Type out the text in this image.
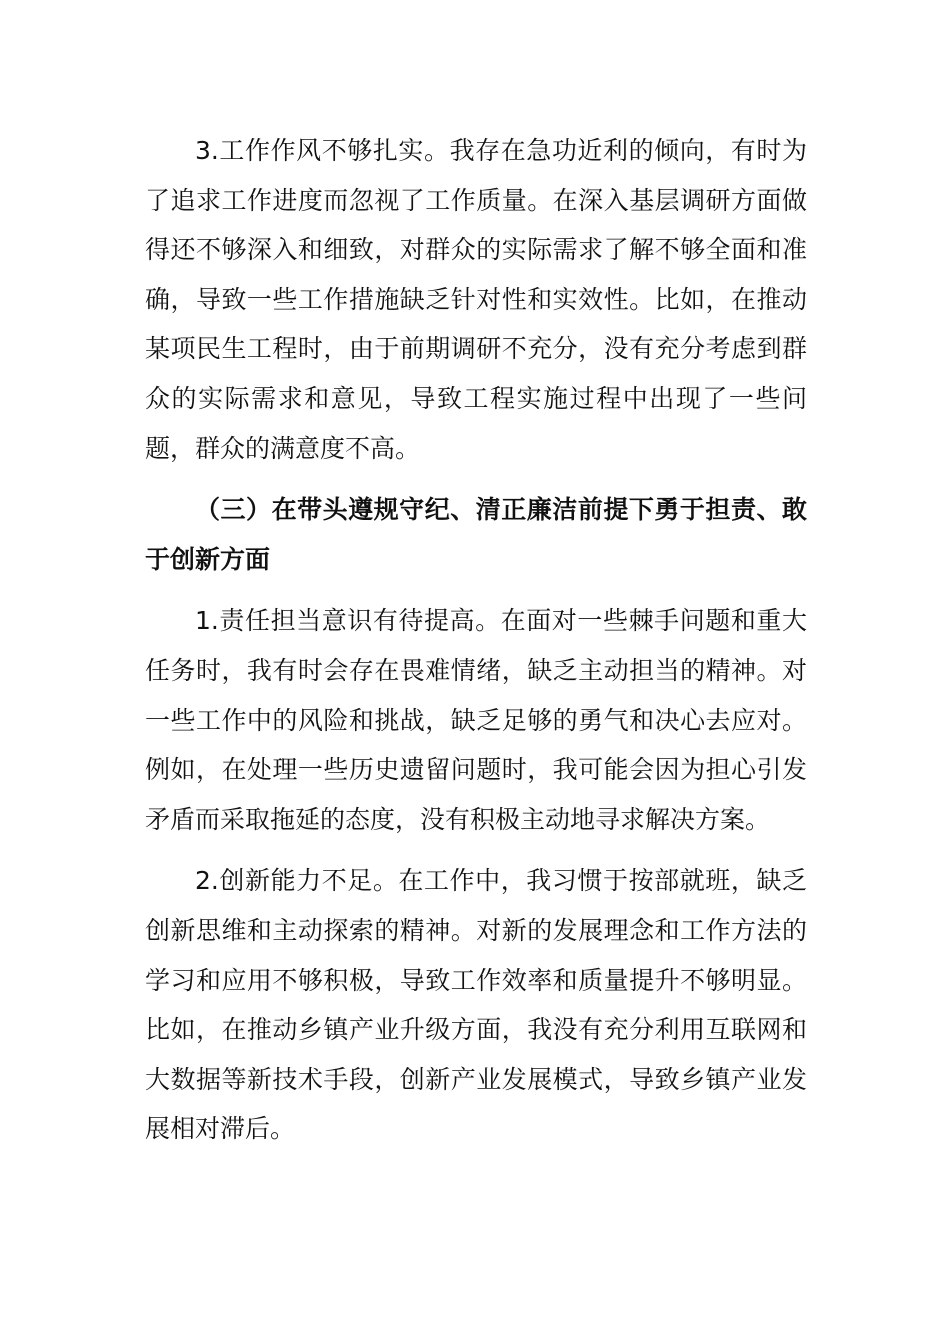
3.工作作风不够扎实。我存在急功近利的倾向，有时为了追求工作进度而忽视了工作质量。在深入基层调研方面做得还不够深入和细致，对群众的实际需求了解不够全面和准确，导致一些工作措施缺乏针对性和实效性。比如，在推动某项民生工程时，由于前期调研不充分，没有充分考虑到群众的实际需求和意见，导致工程实施过程中出现了一些问题，群众的满意度不高。

（三）在带头遵规守纪、清正廉洁前提下勇于担责、敢于创新方面

1.责任担当意识有待提高。在面对一些棘手问题和重大任务时，我有时会存在畏难情绪，缺乏主动担当的精神。对一些工作中的风险和挑战，缺乏足够的勇气和决心去应对。例如，在处理一些历史遗留问题时，我可能会因为担心引发矛盾而采取拖延的态度，没有积极主动地寻求解决方案。

2.创新能力不足。在工作中，我习惯于按部就班，缺乏创新思维和主动探索的精神。对新的发展理念和工作方法的学习和应用不够积极，导致工作效率和质量提升不够明显。比如，在推动乡镇产业升级方面，我没有充分利用互联网和大数据等新技术手段，创新产业发展模式，导致乡镇产业发展相对滞后。
